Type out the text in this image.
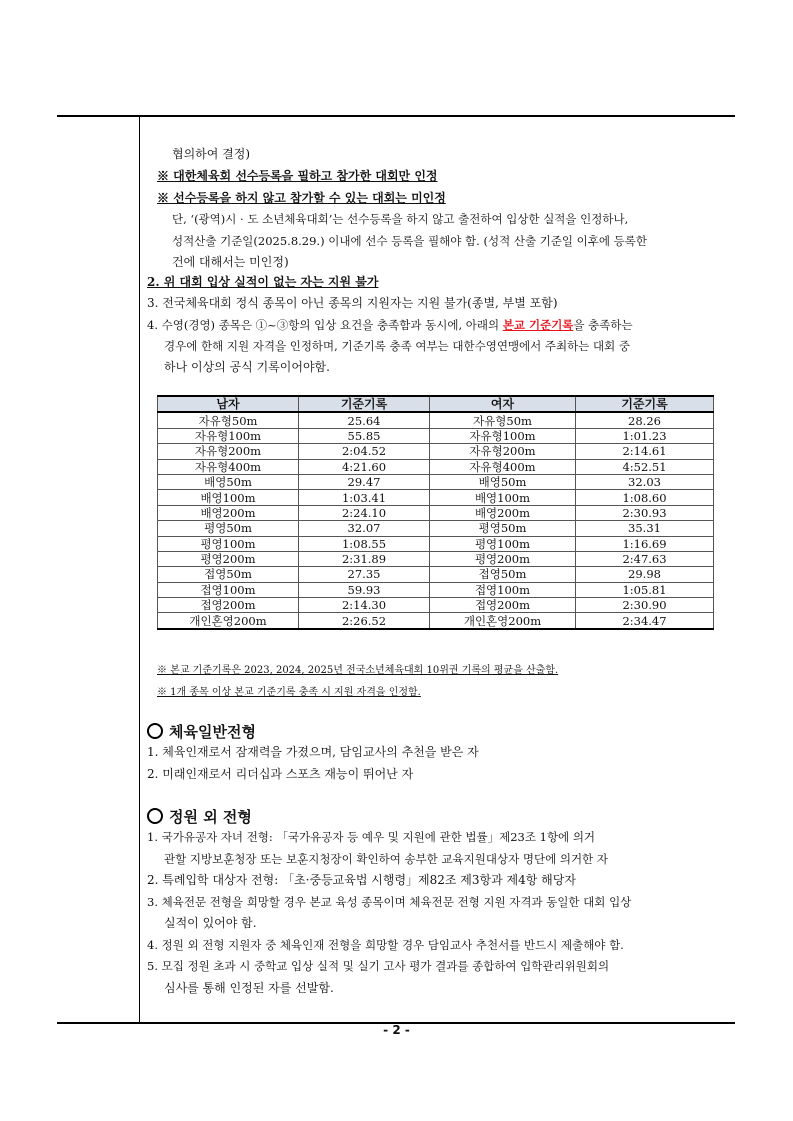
협의하여 결정)
※ 대한체육회 선수등록을 필하고 참가한 대회만 인정
※ 선수등록을 하지 않고 참가할 수 있는 대회는 미인정
단, ‘(광역)시 · 도 소년체육대회’는 선수등록을 하지 않고 출전하여 입상한 실적을 인정하나,
성적산출 기준일(2025.8.29.) 이내에 선수 등록을 필해야 함. (성적 산출 기준일 이후에 등록한
건에 대해서는 미인정)
2. 위 대회 입상 실적이 없는 자는 지원 불가
3. 전국체육대회 정식 종목이 아닌 종목의 지원자는 지원 불가(종별, 부별 포함)
4. 수영(경영) 종목은 ①~③항의 입상 요건을 충족함과 동시에, 아래의 본교 기준기록을 충족하는
경우에 한해 지원 자격을 인정하며, 기준기록 충족 여부는 대한수영연맹에서 주최하는 대회 중
하나 이상의 공식 기록이어야함.
남자	기준기록	여자	기준기록
자유형50m	25.64	자유형50m	28.26
자유형100m	55.85	자유형100m	1:01.23
자유형200m	2:04.52	자유형200m	2:14.61
자유형400m	4:21.60	자유형400m	4:52.51
배영50m	29.47	배영50m	32.03
배영100m	1:03.41	배영100m	1:08.60
배영200m	2:24.10	배영200m	2:30.93
평영50m	32.07	평영50m	35.31
평영100m	1:08.55	평영100m	1:16.69
평영200m	2:31.89	평영200m	2:47.63
접영50m	27.35	접영50m	29.98
접영100m	59.93	접영100m	1:05.81
접영200m	2:14.30	접영200m	2:30.90
개인혼영200m	2:26.52	개인혼영200m	2:34.47
※ 본교 기준기록은 2023, 2024, 2025년 전국소년체육대회 10위권 기록의 평균을 산출함.
※ 1개 종목 이상 본교 기준기록 충족 시 지원 자격을 인정함.
체육일반전형
1. 체육인재로서 잠재력을 가졌으며, 담임교사의 추천을 받은 자
2. 미래인재로서 리더십과 스포츠 재능이 뛰어난 자
정원 외 전형
1. 국가유공자 자녀 전형: 「국가유공자 등 예우 및 지원에 관한 법률」제23조 1항에 의거
관할 지방보훈청장 또는 보훈지청장이 확인하여 송부한 교육지원대상자 명단에 의거한 자
2. 특례입학 대상자 전형: 「초·중등교육법 시행령」제82조 제3항과 제4항 해당자
3. 체육전문 전형을 희망할 경우 본교 육성 종목이며 체육전문 전형 지원 자격과 동일한 대회 입상
실적이 있어야 함.
4. 정원 외 전형 지원자 중 체육인재 전형을 희망할 경우 담임교사 추천서를 반드시 제출해야 함.
5. 모집 정원 초과 시 중학교 입상 실적 및 실기 고사 평가 결과를 종합하여 입학관리위원회의
심사를 통해 인정된 자를 선발함.
- 2 -
